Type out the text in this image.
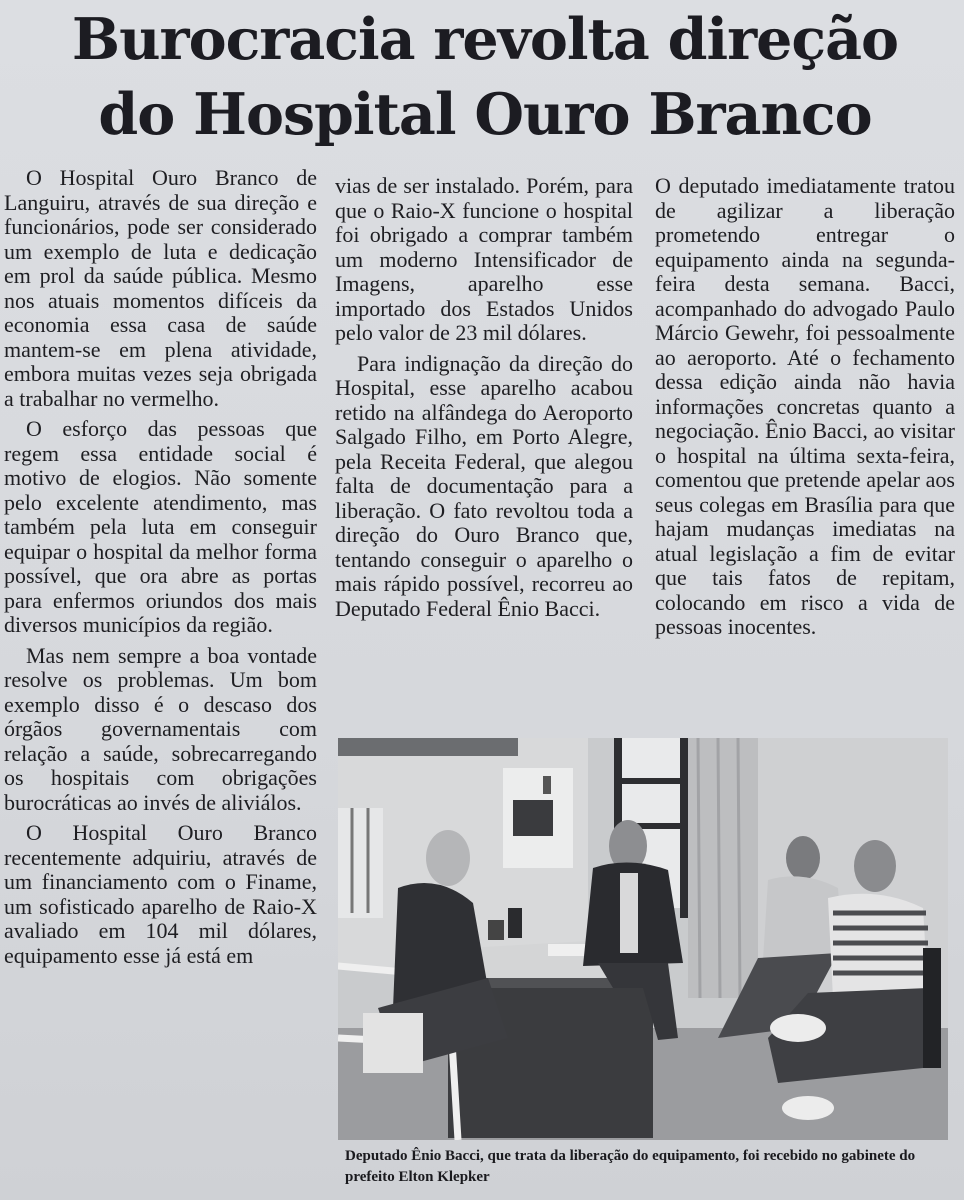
Burocracia revolta direção
do Hospital Ouro Branco

O Hospital Ouro Branco de Languiru, através de sua direção e funcionários, pode ser considerado um exemplo de luta e dedicação em prol da saúde pública. Mesmo nos atuais momentos difíceis da economia essa casa de saúde mantem-se em plena atividade, embora muitas vezes seja obrigada a trabalhar no vermelho.

O esforço das pessoas que regem essa entidade social é motivo de elogios. Não somente pelo excelente atendimento, mas também pela luta em conseguir equipar o hospital da melhor forma possível, que ora abre as portas para enfermos oriundos dos mais diversos municípios da região.

Mas nem sempre a boa vontade resolve os problemas. Um bom exemplo disso é o descaso dos órgãos governamentais com relação a saúde, sobrecarregando os hospitais com obrigações burocráticas ao invés de aliviálos.

O Hospital Ouro Branco recentemente adquiriu, através de um financiamento com o Finame, um sofisticado aparelho de Raio-X avaliado em 104 mil dólares, equipamento esse já está em

vias de ser instalado. Porém, para que o Raio-X funcione o hospital foi obrigado a comprar também um moderno Intensificador de Imagens, aparelho esse importado dos Estados Unidos pelo valor de 23 mil dólares.

Para indignação da direção do Hospital, esse aparelho acabou retido na alfândega do Aeroporto Salgado Filho, em Porto Alegre, pela Receita Federal, que alegou falta de documentação para a liberação. O fato revoltou toda a direção do Ouro Branco que, tentando conseguir o aparelho o mais rápido possível, recorreu ao Deputado Federal Ênio Bacci.

O deputado imediatamente tratou de agilizar a liberação prometendo entregar o equipamento ainda na segunda-feira desta semana. Bacci, acompanhado do advogado Paulo Márcio Gewehr, foi pessoalmente ao aeroporto. Até o fechamento dessa edição ainda não havia informações concretas quanto a negociação. Ênio Bacci, ao visitar o hospital na última sexta-feira, comentou que pretende apelar aos seus colegas em Brasília para que hajam mudanças imediatas na atual legislação a fim de evitar que tais fatos de repitam, colocando em risco a vida de pessoas inocentes.

Deputado Ênio Bacci, que trata da liberação do equipamento, foi recebido no gabinete do prefeito Elton Klepker
